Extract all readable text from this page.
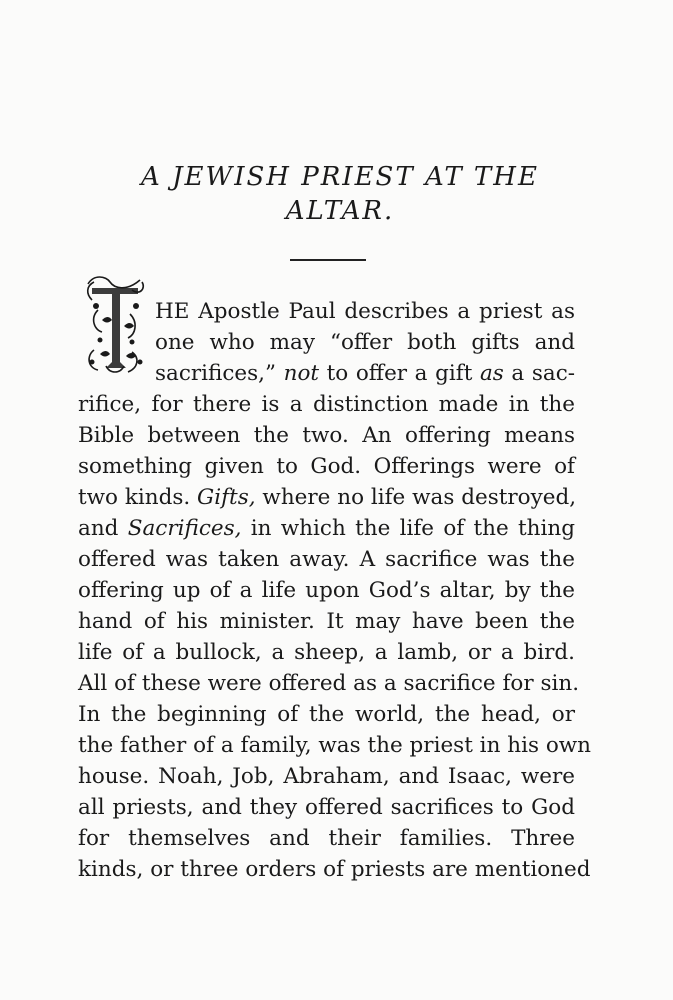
A JEWISH PRIEST AT THE
ALTAR.
HE Apostle Paul describes a priest as
one who may “offer both gifts and
sacrifices,” not to offer a gift as a sac-
rifice, for there is a distinction made in the
Bible between the two. An offering means
something given to God. Offerings were of
two kinds. Gifts, where no life was destroyed,
and Sacrifices, in which the life of the thing
offered was taken away. A sacrifice was the
offering up of a life upon God’s altar, by the
hand of his minister. It may have been the
life of a bullock, a sheep, a lamb, or a bird.
All of these were offered as a sacrifice for sin.
In the beginning of the world, the head, or
the father of a family, was the priest in his own
house. Noah, Job, Abraham, and Isaac, were
all priests, and they offered sacrifices to God
for themselves and their families. Three
kinds, or three orders of priests are mentioned
